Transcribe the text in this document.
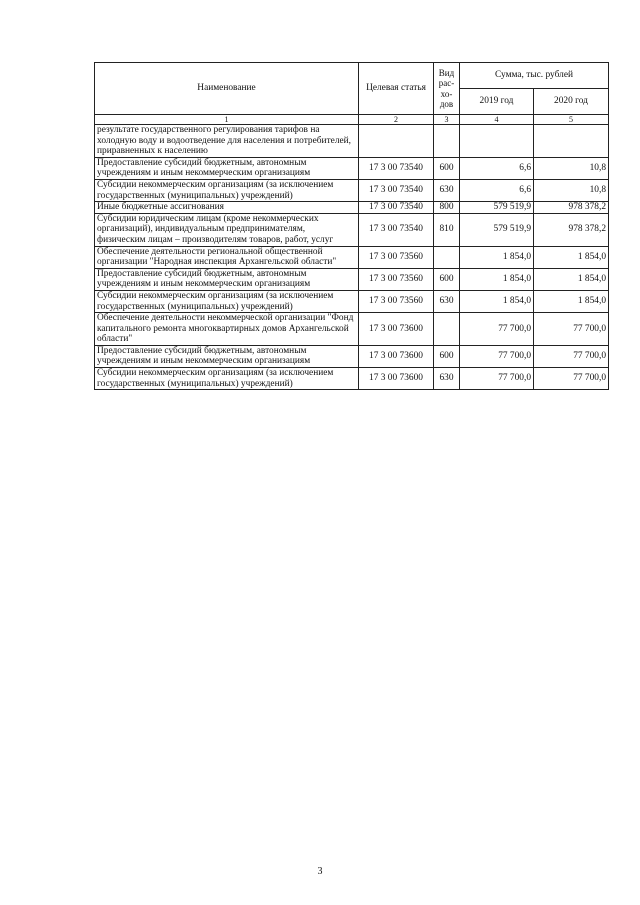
Наименование	Целевая статья	Вид рас- хо- дов	Сумма, тыс. рублей	
			2019 год	2020 год
1	2	3	4	5
результате государственного регулирования тарифов на холодную воду и водоотведение для населения и потребителей, приравненных к населению				
Предоставление субсидий бюджетным, автономным учреждениям и иным некоммерческим организациям	17 3 00 73540	600	6,6	10,8
Субсидии некоммерческим организациям (за исключением государственных (муниципальных) учреждений)	17 3 00 73540	630	6,6	10,8
Иные бюджетные ассигнования	17 3 00 73540	800	579 519,9	978 378,2
Субсидии юридическим лицам (кроме некоммерческих организаций), индивидуальным предпринимателям, физическим лицам – производителям товаров, работ, услуг	17 3 00 73540	810	579 519,9	978 378,2
Обеспечение деятельности региональной общественной организации "Народная инспекция Архангельской области"	17 3 00 73560		1 854,0	1 854,0
Предоставление субсидий бюджетным, автономным учреждениям и иным некоммерческим организациям	17 3 00 73560	600	1 854,0	1 854,0
Субсидии некоммерческим организациям (за исключением государственных (муниципальных) учреждений)	17 3 00 73560	630	1 854,0	1 854,0
Обеспечение деятельности некоммерческой организации "Фонд капитального ремонта многоквартирных домов Архангельской области"	17 3 00 73600		77 700,0	77 700,0
Предоставление субсидий бюджетным, автономным учреждениям и иным некоммерческим организациям	17 3 00 73600	600	77 700,0	77 700,0
Субсидии некоммерческим организациям (за исключением государственных (муниципальных) учреждений)	17 3 00 73600	630	77 700,0	77 700,0
3
